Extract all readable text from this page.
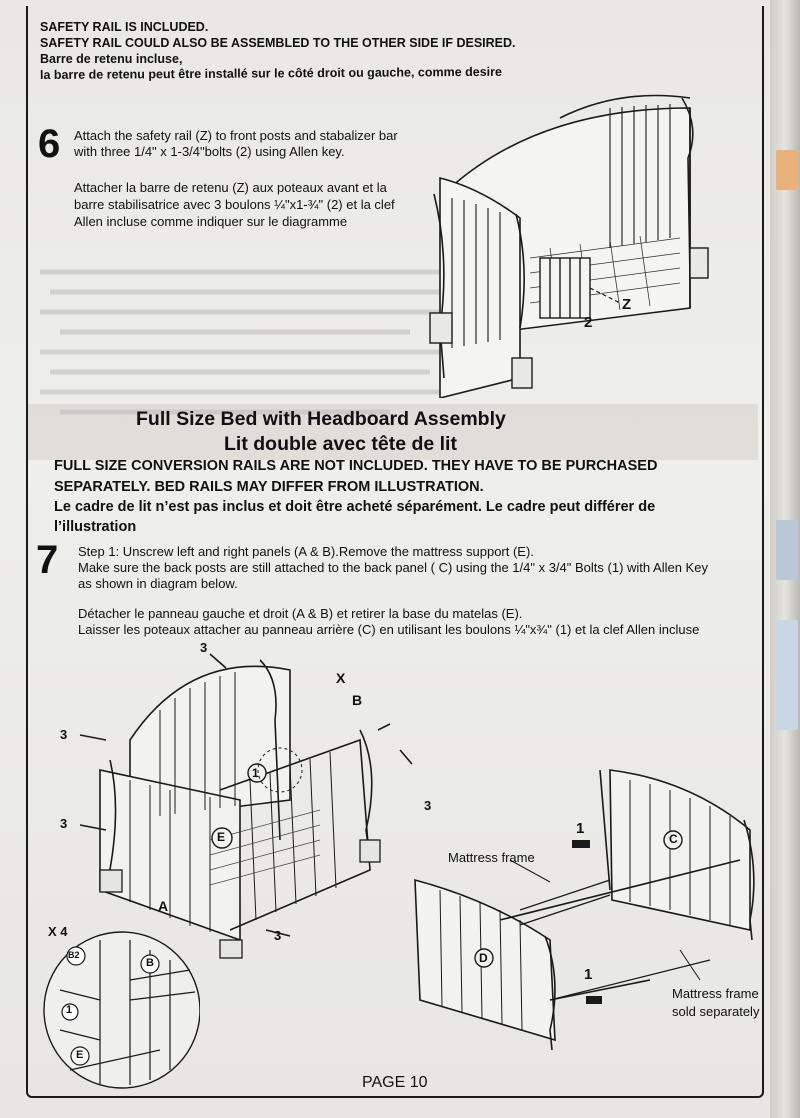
SAFETY RAIL IS INCLUDED.
SAFETY RAIL COULD ALSO BE ASSEMBLED TO THE OTHER SIDE IF DESIRED.
Barre de retenu incluse,
la barre de retenu peut être installé sur le côté droit ou gauche, comme desire
6 Attach the safety rail (Z) to front posts and stabalizer bar
with three 1/4" x 1-3/4"bolts (2) using Allen key.
Attacher la barre de retenu (Z) aux poteaux avant et la
barre stabilisatrice avec 3 boulons ¼"x1-¾" (2) et la clef
Allen incluse comme indiquer sur le diagramme
Z
2
Full Size Bed with Headboard Assembly
Lit double avec tête de lit
FULL SIZE CONVERSION RAILS ARE NOT INCLUDED. THEY HAVE TO BE PURCHASED
SEPARATELY. BED RAILS MAY DIFFER FROM ILLUSTRATION.
Le cadre de lit n’est pas inclus et doit être acheté séparément. Le cadre peut différer de
l’illustration
7 Step 1: Unscrew left and right panels (A & B).Remove the mattress support (E).
Make sure the back posts are still attached to the back panel ( C) using the 1/4" x 3/4" Bolts (1) with Allen Key
as shown in diagram below.
Détacher le panneau gauche et droit (A & B) et retirer la base du matelas (E).
Laisser les poteaux attacher au panneau arrière (C) en utilisant les boulons ¼"x¾" (1) et la clef Allen incluse
3
X
B
3
3
3
1
E
A
3
X 4
B2
B
1
E
1
C
Mattress frame
D
1
Mattress frame
sold separately
PAGE 10
